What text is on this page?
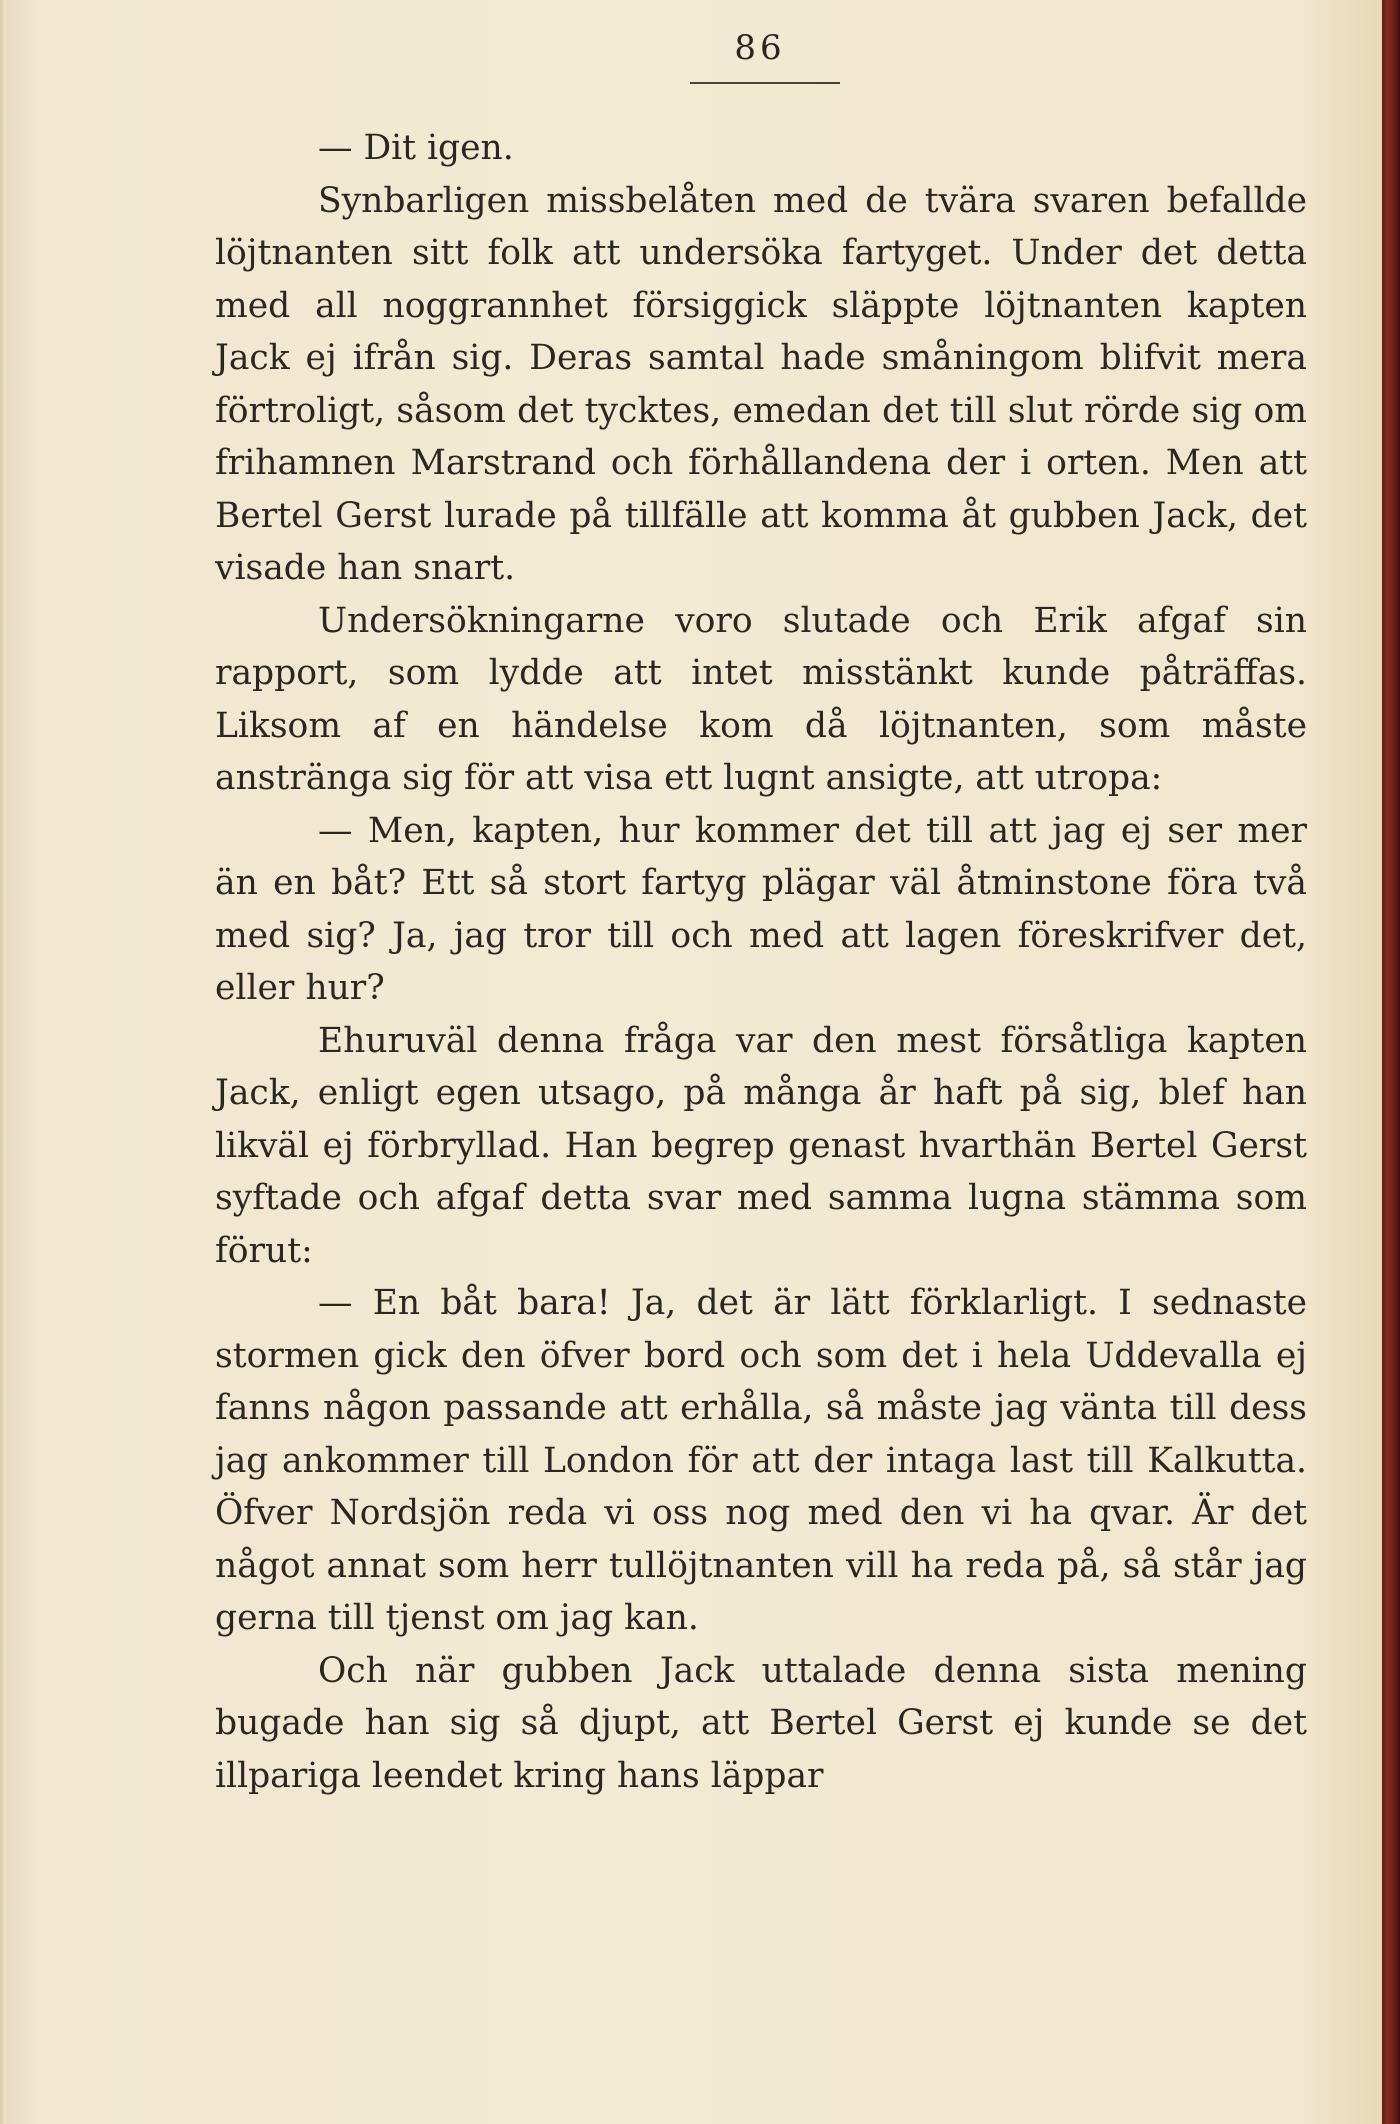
86

— Dit igen.

Synbarligen missbelåten med de tvära svaren befallde löjtnanten sitt folk att undersöka fartyget. Under det detta med all noggrannhet försiggick släppte löjtnanten kapten Jack ej ifrån sig. Deras samtal hade småningom blifvit mera förtroligt, såsom det tycktes, emedan det till slut rörde sig om frihamnen Marstrand och förhållandena der i orten. Men att Bertel Gerst lurade på tillfälle att komma åt gubben Jack, det visade han snart.

Undersökningarne voro slutade och Erik afgaf sin rapport, som lydde att intet misstänkt kunde påträffas. Liksom af en händelse kom då löjtnanten, som måste anstränga sig för att visa ett lugnt ansigte, att utropa:

— Men, kapten, hur kommer det till att jag ej ser mer än en båt? Ett så stort fartyg plägar väl åtminstone föra två med sig? Ja, jag tror till och med att lagen föreskrifver det, eller hur?

Ehuruväl denna fråga var den mest försåtliga kapten Jack, enligt egen utsago, på många år haft på sig, blef han likväl ej förbryllad. Han begrep genast hvarthän Bertel Gerst syftade och afgaf detta svar med samma lugna stämma som förut:

— En båt bara! Ja, det är lätt förklarligt. I sednaste stormen gick den öfver bord och som det i hela Uddevalla ej fanns någon passande att erhålla, så måste jag vänta till dess jag ankommer till London för att der intaga last till Kalkutta. Öfver Nordsjön reda vi oss nog med den vi ha qvar. Är det något annat som herr tullöjtnanten vill ha reda på, så står jag gerna till tjenst om jag kan.

Och när gubben Jack uttalade denna sista mening bugade han sig så djupt, att Bertel Gerst ej kunde se det illpariga leendet kring hans läppar
